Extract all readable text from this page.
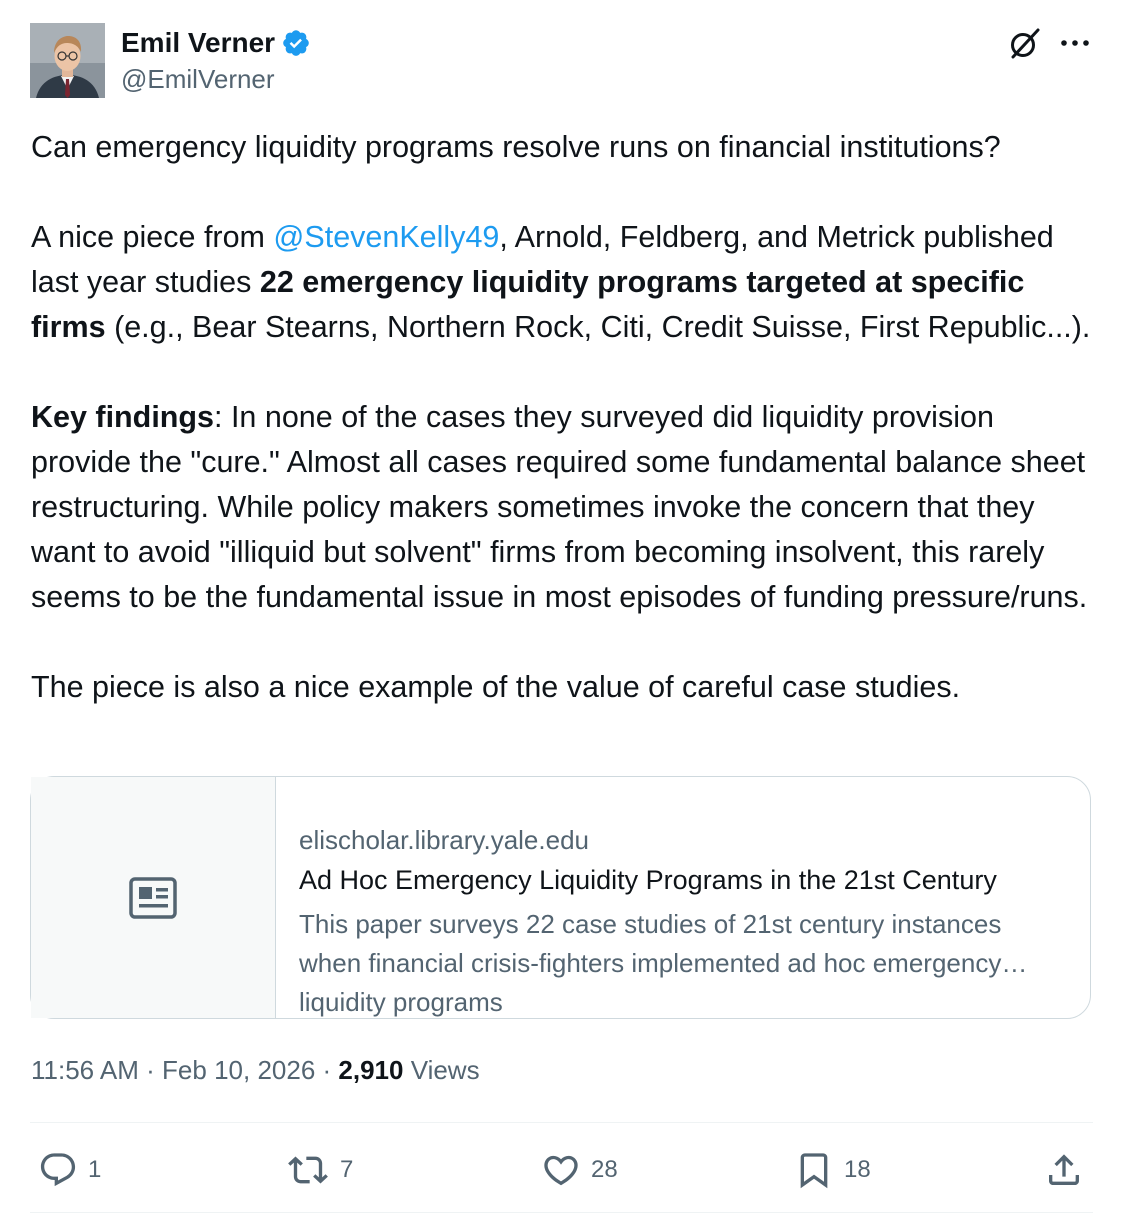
Emil Verner
@EmilVerner

Can emergency liquidity programs resolve runs on financial institutions?

A nice piece from @StevenKelly49, Arnold, Feldberg, and Metrick published last year studies 22 emergency liquidity programs targeted at specific firms (e.g., Bear Stearns, Northern Rock, Citi, Credit Suisse, First Republic...).

Key findings: In none of the cases they surveyed did liquidity provision provide the "cure." Almost all cases required some fundamental balance sheet restructuring. While policy makers sometimes invoke the concern that they want to avoid "illiquid but solvent" firms from becoming insolvent, this rarely seems to be the fundamental issue in most episodes of funding pressure/runs.

The piece is also a nice example of the value of careful case studies.

elischolar.library.yale.edu
Ad Hoc Emergency Liquidity Programs in the 21st Century
This paper surveys 22 case studies of 21st century instances when financial crisis-fighters implemented ad hoc emergency liquidity programs
11:56 AM · Feb 10, 2026 · 2,910 Views
1	7	28	18
